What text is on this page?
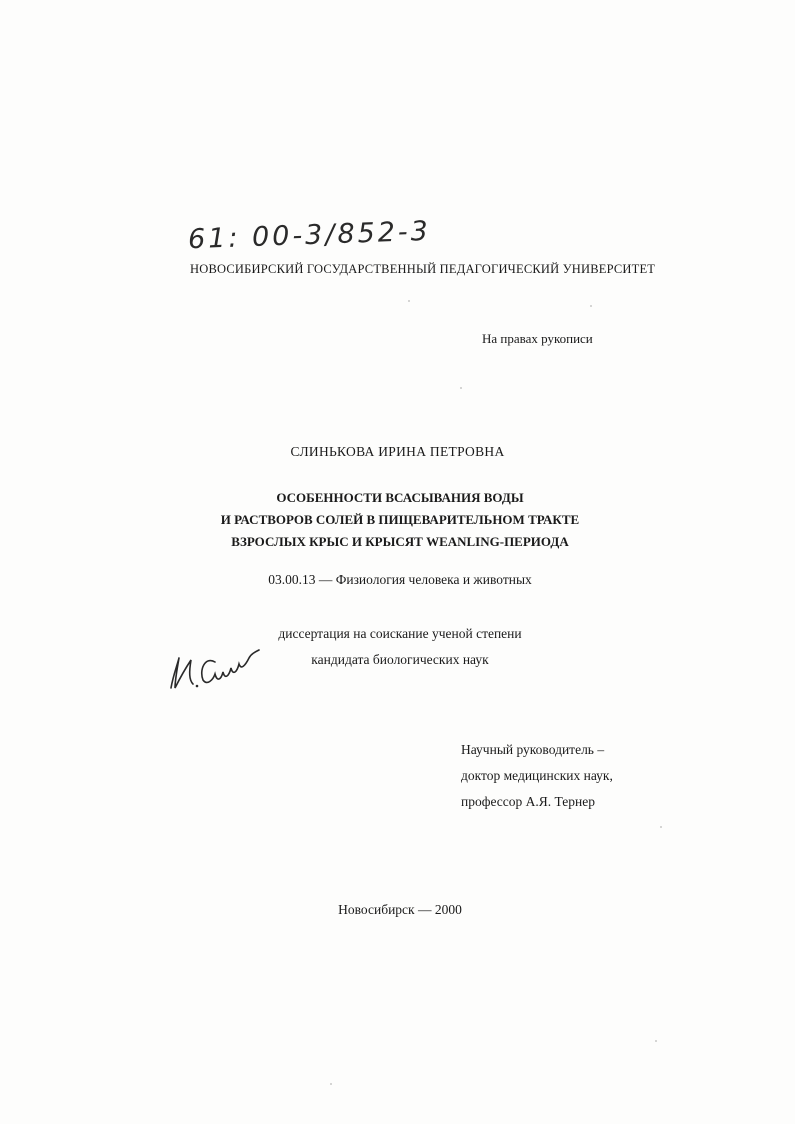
61: 00-3/852-3
НОВОСИБИРСКИЙ ГОСУДАРСТВЕННЫЙ ПЕДАГОГИЧЕСКИЙ УНИВЕРСИТЕТ
На правах рукописи
СЛИНЬКОВА ИРИНА ПЕТРОВНА
ОСОБЕННОСТИ ВСАСЫВАНИЯ ВОДЫ
И РАСТВОРОВ СОЛЕЙ В ПИЩЕВАРИТЕЛЬНОМ ТРАКТЕ
ВЗРОСЛЫХ КРЫС И КРЫСЯТ WEANLING-ПЕРИОДА
03.00.13 — Физиология человека и животных
диссертация на соискание ученой степени
кандидата биологических наук
Научный руководитель –
доктор медицинских наук,
профессор А.Я. Тернер
Новосибирск — 2000
